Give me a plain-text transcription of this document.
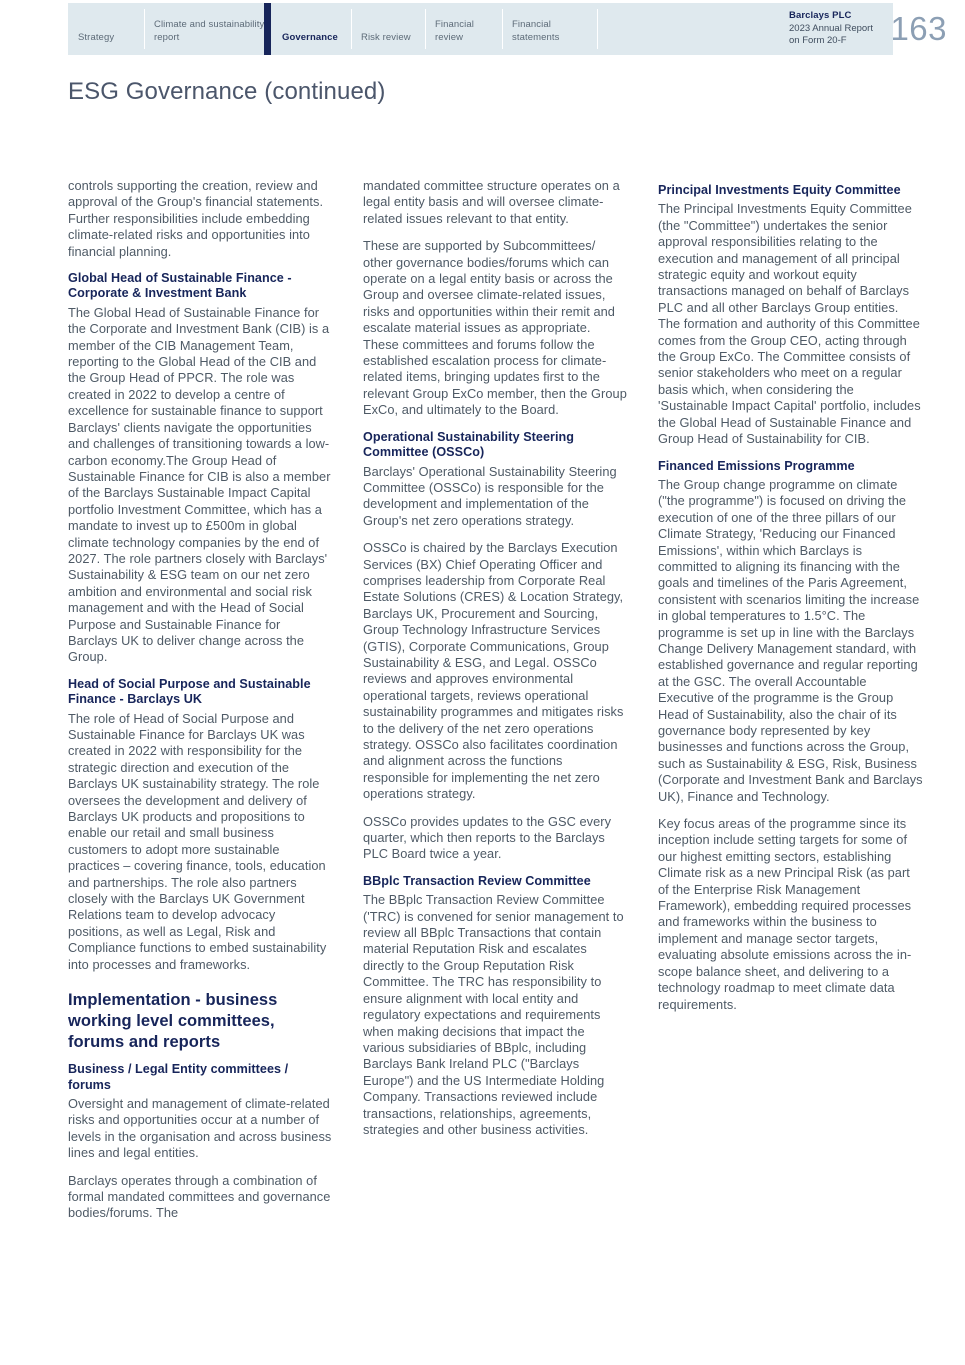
Strategy
Climate and sustainability report	Governance Risk review
Financial review
Financial statements
Barclays PLC
2023 Annual Report
on Form 20-F	163
ESG Governance (continued)

controls supporting the creation, review and approval of the Group's financial statements. Further responsibilities include embedding climate-related risks and opportunities into financial planning.

Global Head of Sustainable Finance - Corporate & Investment Bank

The Global Head of Sustainable Finance for the Corporate and Investment Bank (CIB) is a member of the CIB Management Team, reporting to the Global Head of the CIB and the Group Head of PPCR. The role was created in 2022 to develop a centre of excellence for sustainable finance to support Barclays' clients navigate the opportunities and challenges of transitioning towards a low-carbon economy.The Group Head of Sustainable Finance for CIB is also a member of the Barclays Sustainable Impact Capital portfolio Investment Committee, which has a mandate to invest up to £500m in global climate technology companies by the end of 2027. The role partners closely with Barclays' Sustainability & ESG team on our net zero ambition and environmental and social risk management and with the Head of Social Purpose and Sustainable Finance for Barclays UK to deliver change across the Group.

Head of Social Purpose and Sustainable Finance - Barclays UK

The role of Head of Social Purpose and Sustainable Finance for Barclays UK was created in 2022 with responsibility for the strategic direction and execution of the Barclays UK sustainability strategy. The role oversees the development and delivery of Barclays UK products and propositions to enable our retail and small business customers to adopt more sustainable practices – covering finance, tools, education and partnerships. The role also partners closely with the Barclays UK Government Relations team to develop advocacy positions, as well as Legal, Risk and Compliance functions to embed sustainability into processes and frameworks.

Implementation - business working level committees, forums and reports
Business / Legal Entity committees / forums

Oversight and management of climate-related risks and opportunities occur at a number of levels in the organisation and across business lines and legal entities.

Barclays operates through a combination of formal mandated committees and governance bodies/forums. The

mandated committee structure operates on a legal entity basis and will oversee climate-related issues relevant to that entity.

These are supported by Subcommittees/ other governance bodies/forums which can operate on a legal entity basis or across the Group and oversee climate-related issues, risks and opportunities within their remit and escalate material issues as appropriate. These committees and forums follow the established escalation process for climate-related items, bringing updates first to the relevant Group ExCo member, then the Group ExCo, and ultimately to the Board.

Operational Sustainability Steering Committee (OSSCo)

Barclays' Operational Sustainability Steering Committee (OSSCo) is responsible for the development and implementation of the Group's net zero operations strategy.

OSSCo is chaired by the Barclays Execution Services (BX) Chief Operating Officer and comprises leadership from Corporate Real Estate Solutions (CRES) & Location Strategy, Barclays UK, Procurement and Sourcing, Group Technology Infrastructure Services (GTIS), Corporate Communications, Group Sustainability & ESG, and Legal. OSSCo reviews and approves environmental operational targets, reviews operational sustainability programmes and mitigates risks to the delivery of the net zero operations strategy. OSSCo also facilitates coordination and alignment across the functions responsible for implementing the net zero operations strategy.

OSSCo provides updates to the GSC every quarter, which then reports to the Barclays PLC Board twice a year.

BBplc Transaction Review Committee

The BBplc Transaction Review Committee ('TRC) is convened for senior management to review all BBplc Transactions that contain material Reputation Risk and escalates directly to the Group Reputation Risk Committee. The TRC has responsibility to ensure alignment with local entity and regulatory expectations and requirements when making decisions that impact the various subsidiaries of BBplc, including Barclays Bank Ireland PLC ("Barclays Europe") and the US Intermediate Holding Company. Transactions reviewed include transactions, relationships, agreements, strategies and other business activities.

Principal Investments Equity Committee

The Principal Investments Equity Committee (the "Committee") undertakes the senior approval responsibilities relating to the execution and management of all principal strategic equity and workout equity transactions managed on behalf of Barclays PLC and all other Barclays Group entities. The formation and authority of this Committee comes from the Group CEO, acting through the Group ExCo. The Committee consists of senior stakeholders who meet on a regular basis which, when considering the 'Sustainable Impact Capital' portfolio, includes the Global Head of Sustainable Finance and Group Head of Sustainability for CIB.

Financed Emissions Programme

The Group change programme on climate ("the programme") is focused on driving the execution of one of the three pillars of our Climate Strategy, 'Reducing our Financed Emissions', within which Barclays is committed to aligning its financing with the goals and timelines of the Paris Agreement, consistent with scenarios limiting the increase in global temperatures to 1.5°C. The programme is set up in line with the Barclays Change Delivery Management standard, with established governance and regular reporting at the GSC. The overall Accountable Executive of the programme is the Group Head of Sustainability, also the chair of its governance body represented by key businesses and functions across the Group, such as Sustainability & ESG, Risk, Business (Corporate and Investment Bank and Barclays UK), Finance and Technology.

Key focus areas of the programme since its inception include setting targets for some of our highest emitting sectors, establishing Climate risk as a new Principal Risk (as part of the Enterprise Risk Management Framework), embedding required processes and frameworks within the business to implement and manage sector targets, evaluating absolute emissions across the in-scope balance sheet, and delivering to a technology roadmap to meet climate data requirements.
